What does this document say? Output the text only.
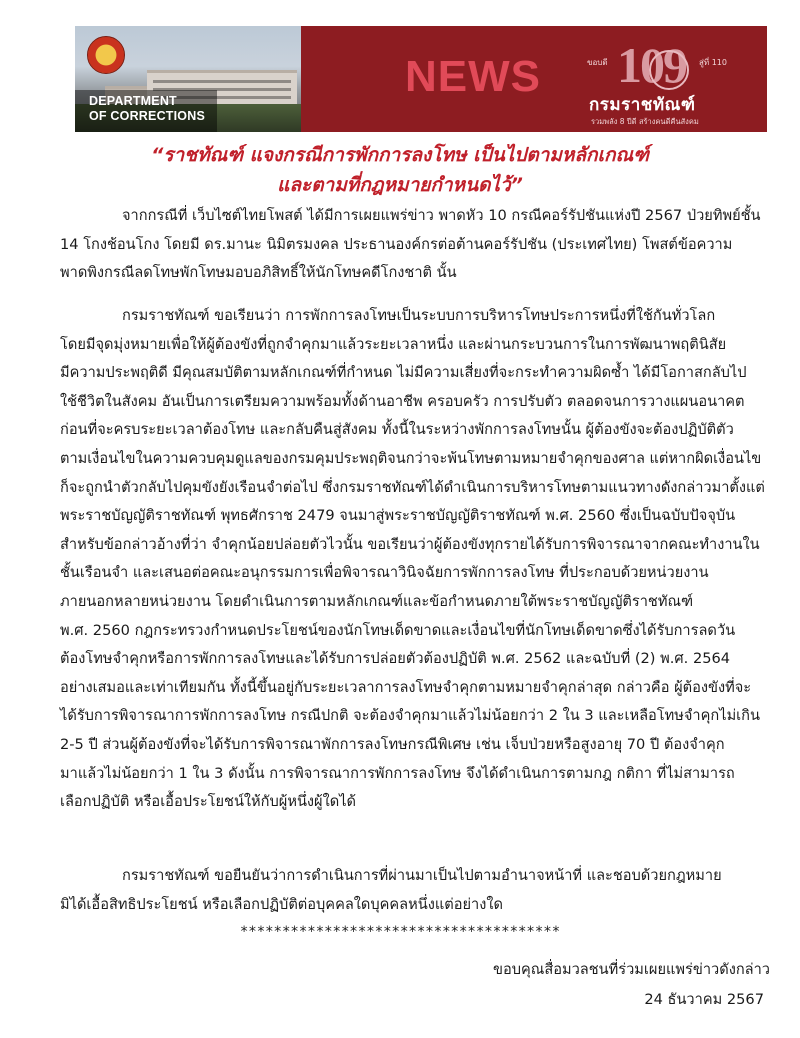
DEPARTMENT
OF CORRECTIONS
NEWS	ขอบดี 109 สู่ที่ 110
กรมราชทัณฑ์
รวมพลัง 8 ปีดี สร้างคนดีคืนสังคม
“ราชทัณฑ์ แจงกรณีการพักการลงโทษ เป็นไปตามหลักเกณฑ์
และตามที่กฎหมายกำหนดไว้”
จากกรณีที่ เว็บไซต์ไทยโพสต์ ได้มีการเผยแพร่ข่าว พาดหัว 10 กรณีคอร์รัปชันแห่งปี 2567 ป่วยทิพย์ชั้น
14 โกงช้อนโกง โดยมี ดร.มานะ นิมิตรมงคล ประธานองค์กรต่อต้านคอร์รัปชัน (ประเทศไทย) โพสต์ข้อความ
พาดพิงกรณีลดโทษพักโทษมอบอภิสิทธิ์ให้นักโทษคดีโกงชาติ นั้น
กรมราชทัณฑ์ ขอเรียนว่า การพักการลงโทษเป็นระบบการบริหารโทษประการหนึ่งที่ใช้กันทั่วโลก
โดยมีจุดมุ่งหมายเพื่อให้ผู้ต้องขังที่ถูกจำคุกมาแล้วระยะเวลาหนึ่ง และผ่านกระบวนการในการพัฒนาพฤตินิสัย
มีความประพฤติดี มีคุณสมบัติตามหลักเกณฑ์ที่กำหนด ไม่มีความเสี่ยงที่จะกระทำความผิดซ้ำ ได้มีโอกาสกลับไป
ใช้ชีวิตในสังคม อันเป็นการเตรียมความพร้อมทั้งด้านอาชีพ ครอบครัว การปรับตัว ตลอดจนการวางแผนอนาคต
ก่อนที่จะครบระยะเวลาต้องโทษ และกลับคืนสู่สังคม ทั้งนี้ในระหว่างพักการลงโทษนั้น ผู้ต้องขังจะต้องปฏิบัติตัว
ตามเงื่อนไขในความควบคุมดูแลของกรมคุมประพฤติจนกว่าจะพ้นโทษตามหมายจำคุกของศาล แต่หากผิดเงื่อนไข
ก็จะถูกนำตัวกลับไปคุมขังยังเรือนจำต่อไป ซึ่งกรมราชทัณฑ์ได้ดำเนินการบริหารโทษตามแนวทางดังกล่าวมาตั้งแต่
พระราชบัญญัติราชทัณฑ์ พุทธศักราช 2479 จนมาสู่พระราชบัญญัติราชทัณฑ์ พ.ศ. 2560 ซึ่งเป็นฉบับปัจจุบัน
สำหรับข้อกล่าวอ้างที่ว่า จำคุกน้อยปล่อยตัวไวนั้น ขอเรียนว่าผู้ต้องขังทุกรายได้รับการพิจารณาจากคณะทำงานใน
ชั้นเรือนจำ และเสนอต่อคณะอนุกรรมการเพื่อพิจารณาวินิจฉัยการพักการลงโทษ ที่ประกอบด้วยหน่วยงาน
ภายนอกหลายหน่วยงาน โดยดำเนินการตามหลักเกณฑ์และข้อกำหนดภายใต้พระราชบัญญัติราชทัณฑ์
พ.ศ. 2560 กฎกระทรวงกำหนดประโยชน์ของนักโทษเด็ดขาดและเงื่อนไขที่นักโทษเด็ดขาดซึ่งได้รับการลดวัน
ต้องโทษจำคุกหรือการพักการลงโทษและได้รับการปล่อยตัวต้องปฏิบัติ พ.ศ. 2562 และฉบับที่ (2) พ.ศ. 2564
อย่างเสมอและเท่าเทียมกัน ทั้งนี้ขึ้นอยู่กับระยะเวลาการลงโทษจำคุกตามหมายจำคุกล่าสุด กล่าวคือ ผู้ต้องขังที่จะ
ได้รับการพิจารณาการพักการลงโทษ กรณีปกติ จะต้องจำคุกมาแล้วไม่น้อยกว่า 2 ใน 3 และเหลือโทษจำคุกไม่เกิน
2-5 ปี ส่วนผู้ต้องขังที่จะได้รับการพิจารณาพักการลงโทษกรณีพิเศษ เช่น เจ็บป่วยหรือสูงอายุ 70 ปี ต้องจำคุก
มาแล้วไม่น้อยกว่า 1 ใน 3 ดังนั้น การพิจารณาการพักการลงโทษ จึงได้ดำเนินการตามกฎ กติกา ที่ไม่สามารถ
เลือกปฏิบัติ หรือเอื้อประโยชน์ให้กับผู้หนึ่งผู้ใดได้
กรมราชทัณฑ์ ขอยืนยันว่าการดำเนินการที่ผ่านมาเป็นไปตามอำนาจหน้าที่ และชอบด้วยกฎหมาย
มิได้เอื้อสิทธิประโยชน์ หรือเลือกปฏิบัติต่อบุคคลใดบุคคลหนึ่งแต่อย่างใด
**************************************
ขอบคุณสื่อมวลชนที่ร่วมเผยแพร่ข่าวดังกล่าว
24 ธันวาคม 2567
